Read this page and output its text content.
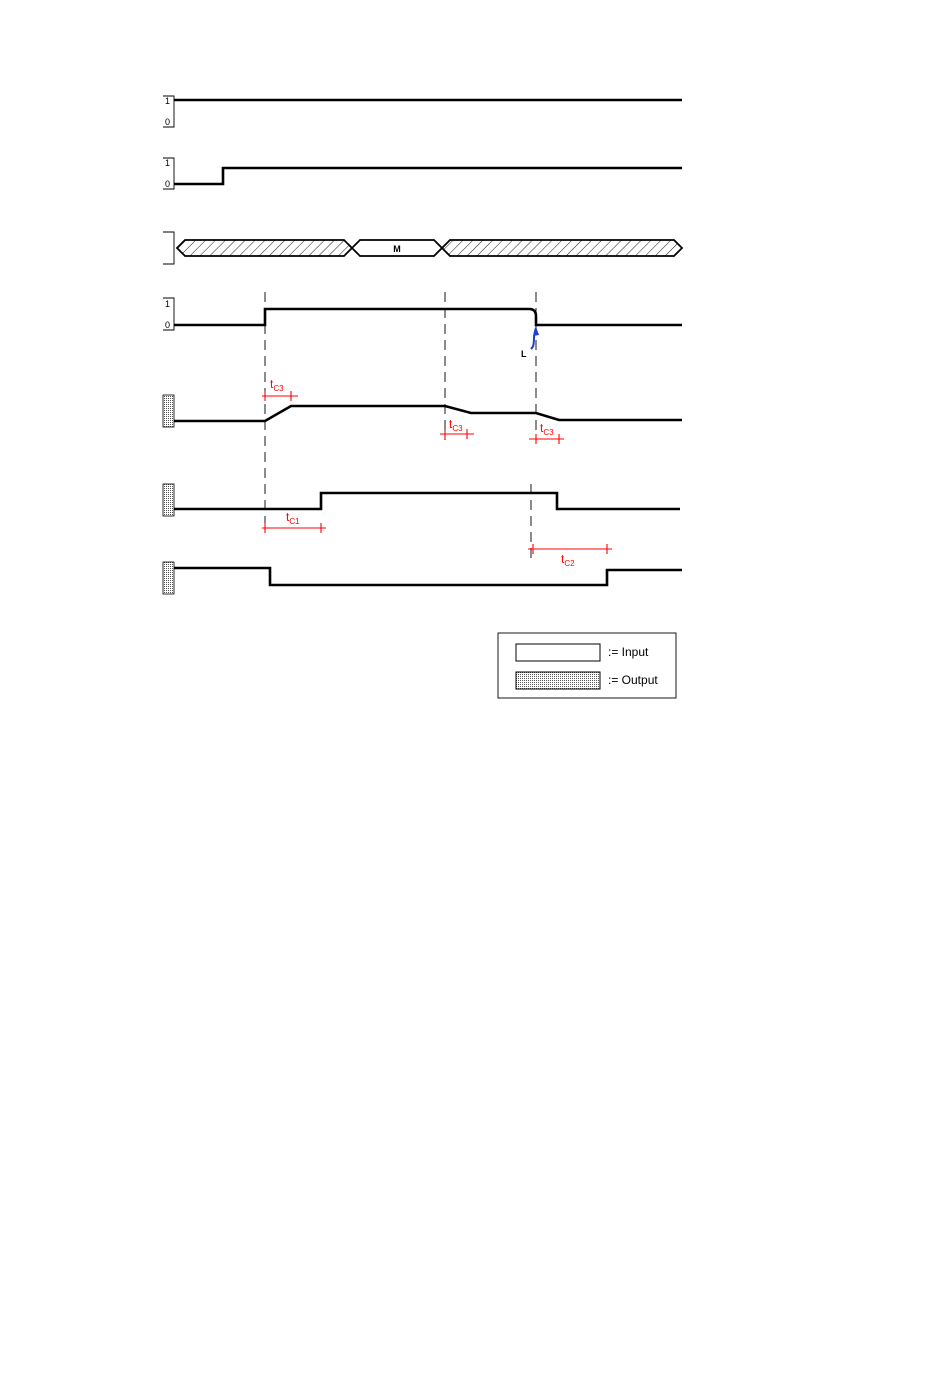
1
0
1
0
M
1
0
L
$t_{C3}$
$t_{C3}$	$t_{C3}$
$t_{C1}$
$t_{C2}$
:= Input
:= Output
